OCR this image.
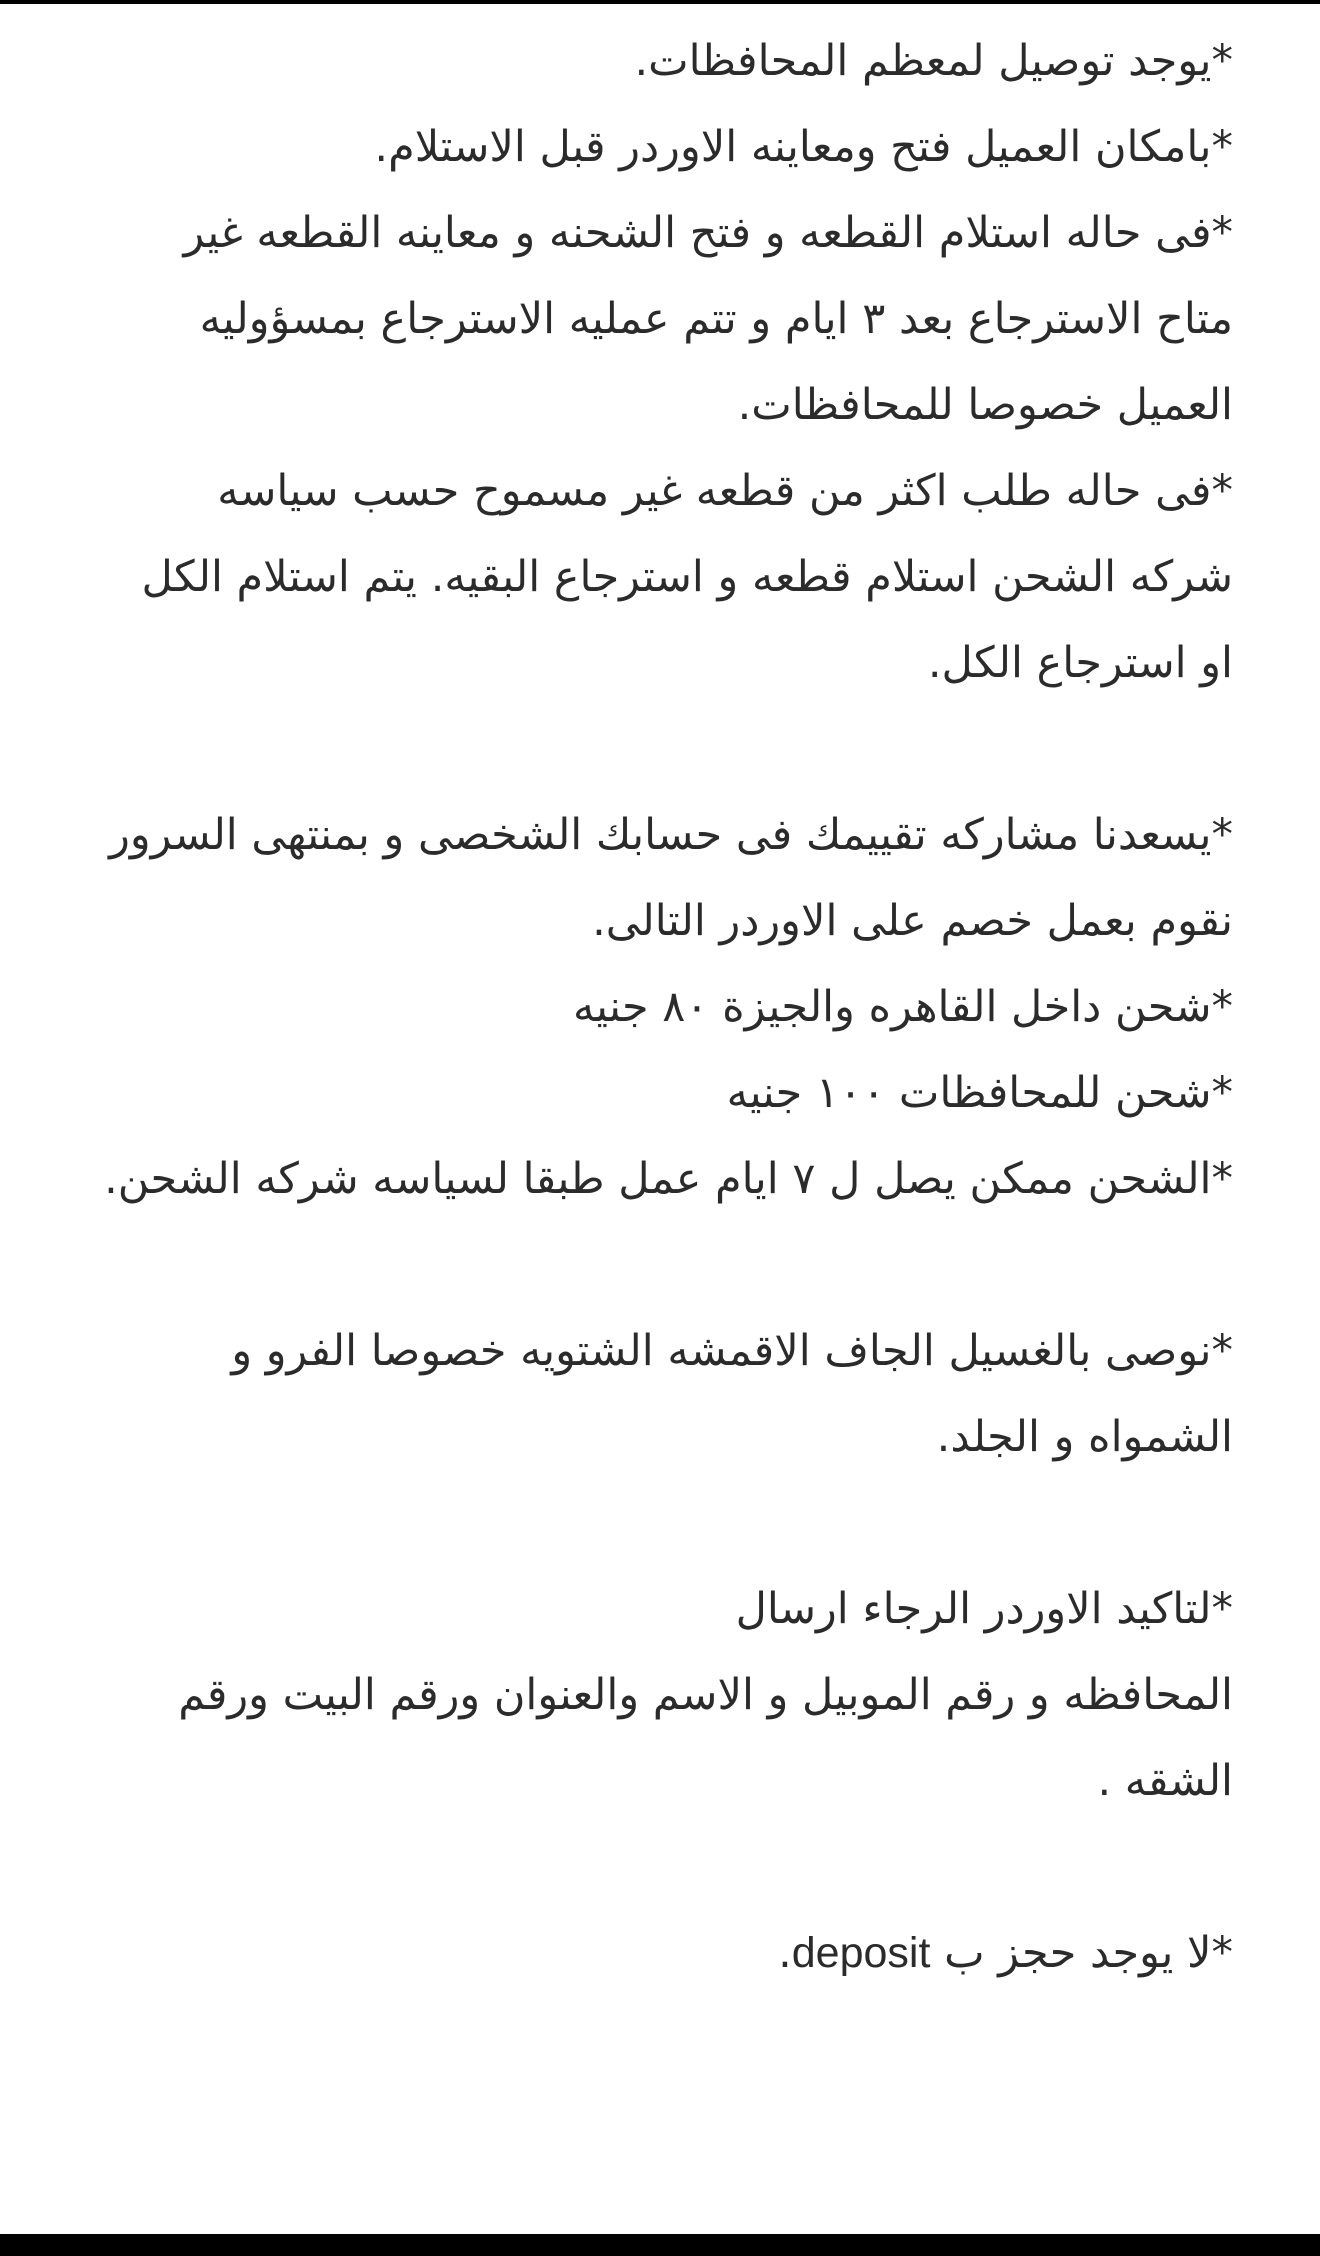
*يوجد توصيل لمعظم المحافظات.

*بامكان العميل فتح ومعاينه الاوردر قبل الاستلام.

*فى حاله استلام القطعه و فتح الشحنه و معاينه القطعه غير متاح الاسترجاع بعد ٣ ايام و تتم عمليه الاسترجاع بمسؤوليه العميل خصوصا للمحافظات.

*فى حاله طلب اكثر من قطعه غير مسموح حسب سياسه شركه الشحن استلام قطعه و استرجاع البقيه. يتم استلام الكل او استرجاع الكل.

*يسعدنا مشاركه تقييمك فى حسابك الشخصى و بمنتهى السرور نقوم بعمل خصم على الاوردر التالى.

*شحن داخل القاهره والجيزة ٨٠ جنيه

*شحن للمحافظات ١٠٠ جنيه

*الشحن ممكن يصل ل ٧ ايام عمل طبقا لسياسه شركه الشحن.

*نوصى بالغسيل الجاف الاقمشه الشتويه خصوصا الفرو و الشمواه و الجلد.

*لتاكيد الاوردر الرجاء ارسال
المحافظه و رقم الموبيل و الاسم والعنوان ورقم البيت ورقم الشقه .

*لا يوجد حجز ب deposit.
